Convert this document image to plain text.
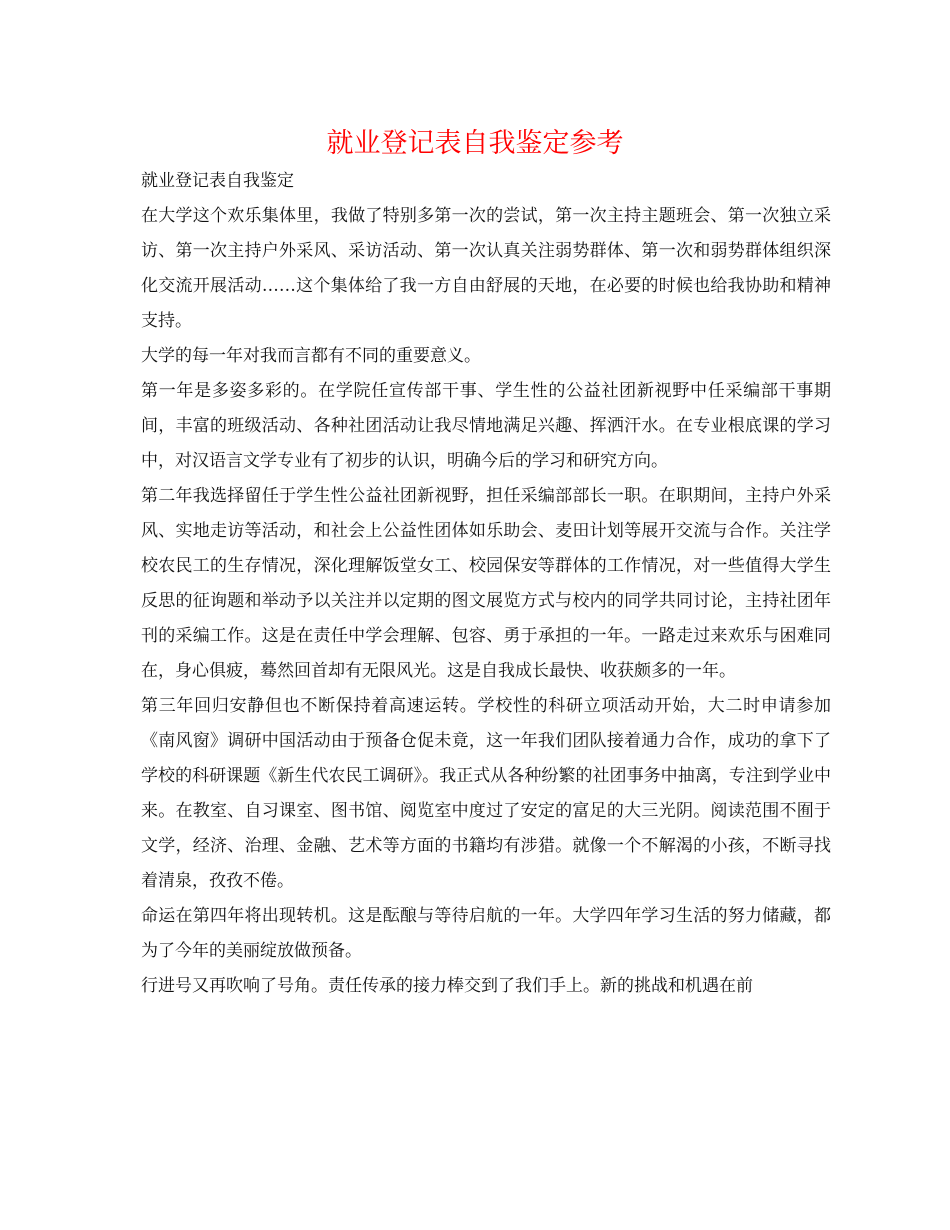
就业登记表自我鉴定参考

就业登记表自我鉴定

在大学这个欢乐集体里，我做了特别多第一次的尝试，第一次主持主题班会、第一次独立采访、第一次主持户外采风、采访活动、第一次认真关注弱势群体、第一次和弱势群体组织深化交流开展活动……这个集体给了我一方自由舒展的天地，在必要的时候也给我协助和精神支持。

大学的每一年对我而言都有不同的重要意义。

第一年是多姿多彩的。在学院任宣传部干事、学生性的公益社团新视野中任采编部干事期间，丰富的班级活动、各种社团活动让我尽情地满足兴趣、挥洒汗水。在专业根底课的学习中，对汉语言文学专业有了初步的认识，明确今后的学习和研究方向。

第二年我选择留任于学生性公益社团新视野，担任采编部部长一职。在职期间，主持户外采风、实地走访等活动，和社会上公益性团体如乐助会、麦田计划等展开交流与合作。关注学校农民工的生存情况，深化理解饭堂女工、校园保安等群体的工作情况，对一些值得大学生反思的征询题和举动予以关注并以定期的图文展览方式与校内的同学共同讨论，主持社团年刊的采编工作。这是在责任中学会理解、包容、勇于承担的一年。一路走过来欢乐与困难同在，身心俱疲，蓦然回首却有无限风光。这是自我成长最快、收获颇多的一年。

第三年回归安静但也不断保持着高速运转。学校性的科研立项活动开始，大二时申请参加《南风窗》调研中国活动由于预备仓促未竟，这一年我们团队接着通力合作，成功的拿下了学校的科研课题《新生代农民工调研》。我正式从各种纷繁的社团事务中抽离，专注到学业中来。在教室、自习课室、图书馆、阅览室中度过了安定的富足的大三光阴。阅读范围不囿于文学，经济、治理、金融、艺术等方面的书籍均有涉猎。就像一个不解渴的小孩，不断寻找着清泉，孜孜不倦。

命运在第四年将出现转机。这是酝酿与等待启航的一年。大学四年学习生活的努力储藏，都为了今年的美丽绽放做预备。

行进号又再吹响了号角。责任传承的接力棒交到了我们手上。新的挑战和机遇在前
